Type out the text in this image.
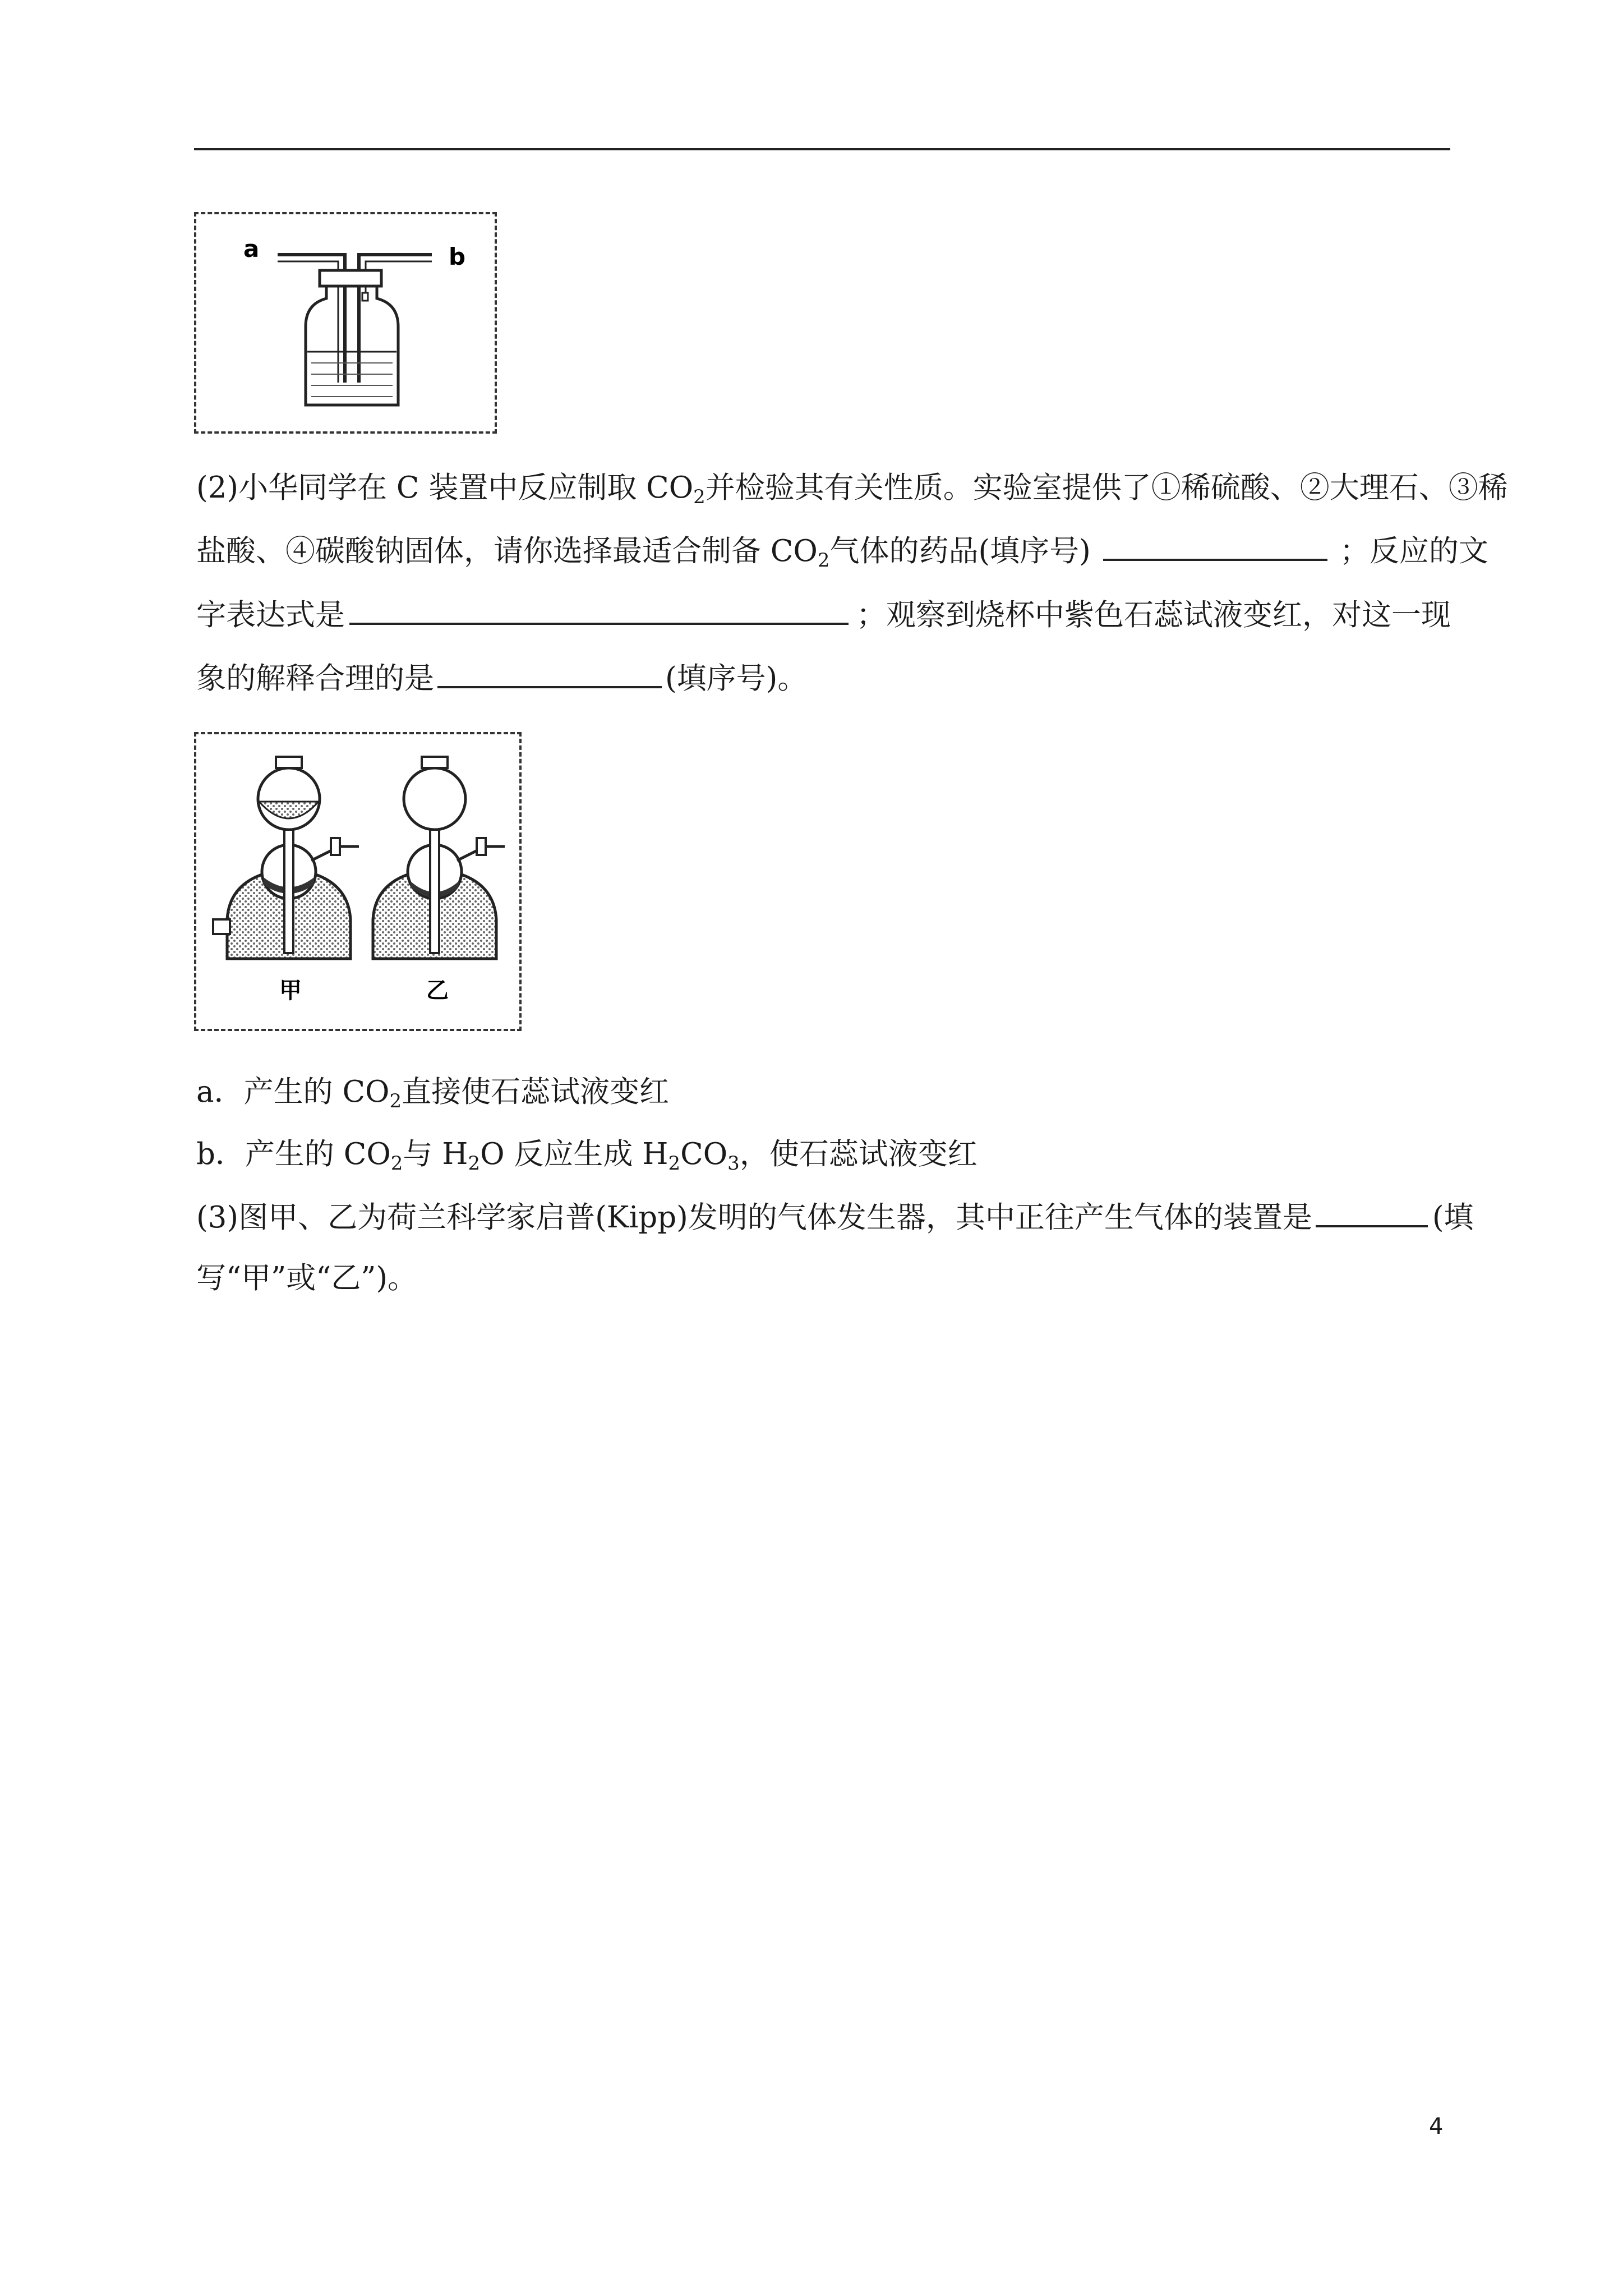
a	b
(2)小华同学在 C 装置中反应制取 $CO_2$并检验其有关性质。实验室提供了①稀硫酸、②大理石、③稀
盐酸、④碳酸钠固体，请你选择最适合制备 $CO_2$气体的药品(填序号)	；反应的文
字表达式是	；观察到烧杯中紫色石蕊试液变红，对这一现
象的解释合理的是	(填序号)。
甲	乙
a．产生的 $CO_2$直接使石蕊试液变红
b．产生的 $CO_2$与 $H_2O$ 反应生成 $H_2CO_3$，使石蕊试液变红
(3)图甲、乙为荷兰科学家启普(Kipp)发明的气体发生器，其中正往产生气体的装置是	(填
写“甲”或“乙”)。
4
